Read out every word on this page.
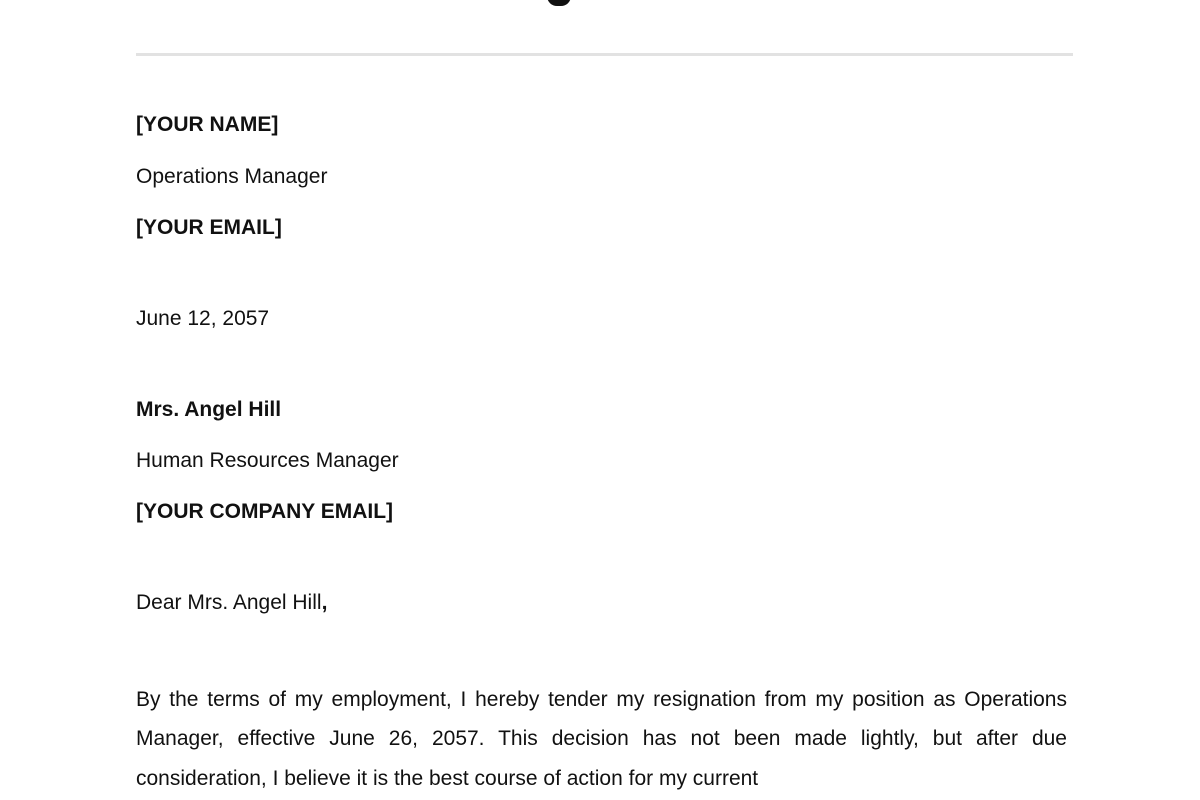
[YOUR NAME]

Operations Manager

[YOUR EMAIL]

June 12, 2057

Mrs. Angel Hill

Human Resources Manager

[YOUR COMPANY EMAIL]

Dear Mrs. Angel Hill,

By the terms of my employment, I hereby tender my resignation from my position as Operations Manager, effective June 26, 2057. This decision has not been made lightly, but after due consideration, I believe it is the best course of action for my current
